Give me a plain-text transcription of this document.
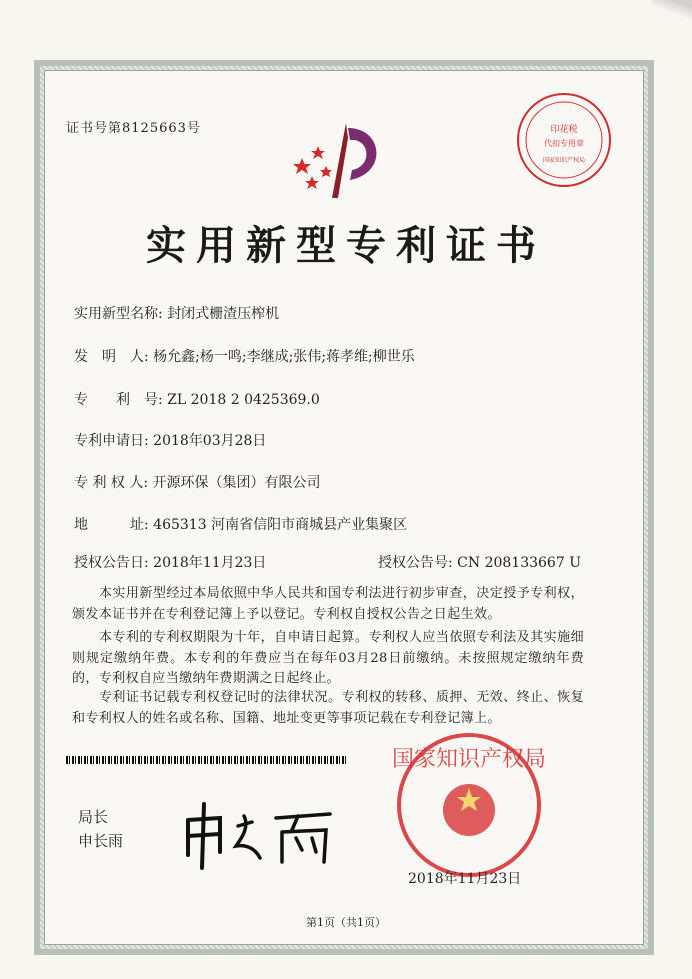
证书号第8125663号	印花税
代扣专用章
国家知识产权局
实用新型专利证书
实用新型名称: 封闭式栅渣压榨机
发　明　人: 杨允鑫;杨一鸣;李继成;张伟;蒋孝维;柳世乐
专　　利　号: ZL 2018 2 0425369.0
专利申请日: 2018年03月28日
专 利 权 人: 开源环保（集团）有限公司
地　　　址: 465313 河南省信阳市商城县产业集聚区
授权公告日: 2018年11月23日	授权公告号: CN 208133667 U
　　本实用新型经过本局依照中华人民共和国专利法进行初步审查，决定授予专利权，颁发本证书并在专利登记簿上予以登记。专利权自授权公告之日起生效。
　　本专利的专利权期限为十年，自申请日起算。专利权人应当依照专利法及其实施细则规定缴纳年费。本专利的年费应当在每年03月28日前缴纳。未按照规定缴纳年费的，专利权自应当缴纳年费期满之日起终止。
　　专利证书记载专利权登记时的法律状况。专利权的转移、质押、无效、终止、恢复和专利权人的姓名或名称、国籍、地址变更等事项记载在专利登记簿上。
局长
申长雨
国家知识产权局
2018年11月23日
第1页（共1页）
